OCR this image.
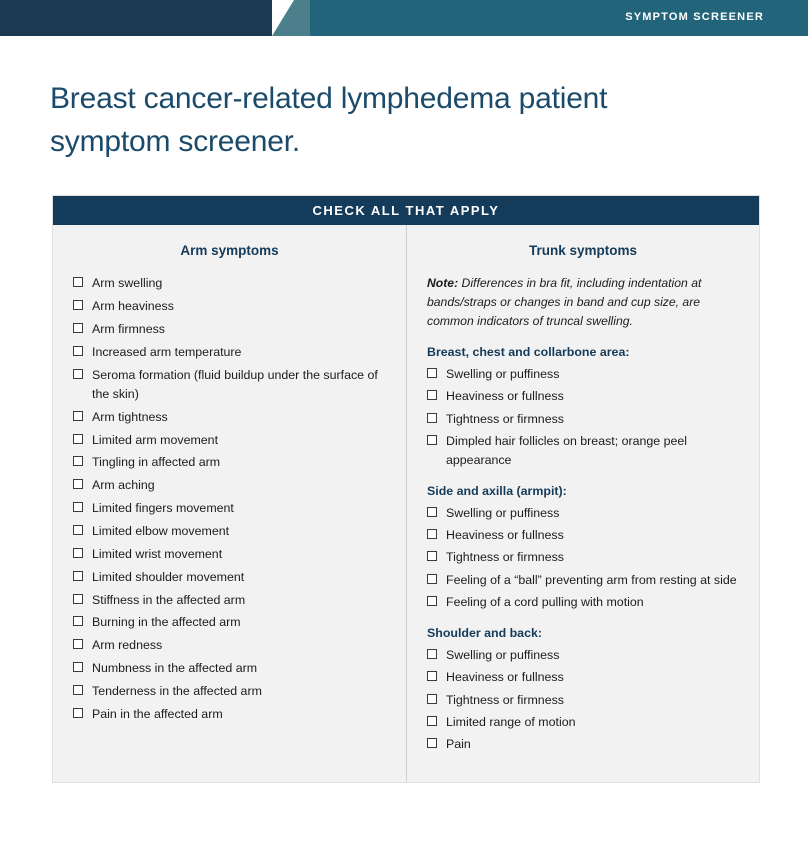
SYMPTOM SCREENER
Breast cancer-related lymphedema patient symptom screener.
CHECK ALL THAT APPLY
Arm symptoms
Arm swelling
Arm heaviness
Arm firmness
Increased arm temperature
Seroma formation (fluid buildup under the surface of the skin)
Arm tightness
Limited arm movement
Tingling in affected arm
Arm aching
Limited fingers movement
Limited elbow movement
Limited wrist movement
Limited shoulder movement
Stiffness in the affected arm
Burning in the affected arm
Arm redness
Numbness in the affected arm
Tenderness in the affected arm
Pain in the affected arm
Trunk symptoms

Note: Differences in bra fit, including indentation at bands/straps or changes in band and cup size, are common indicators of truncal swelling.

Breast, chest and collarbone area:
Swelling or puffiness
Heaviness or fullness
Tightness or firmness
Dimpled hair follicles on breast; orange peel appearance
Side and axilla (armpit):
Swelling or puffiness
Heaviness or fullness
Tightness or firmness
Feeling of a “ball” preventing arm from resting at side
Feeling of a cord pulling with motion
Shoulder and back:
Swelling or puffiness
Heaviness or fullness
Tightness or firmness
Limited range of motion
Pain
